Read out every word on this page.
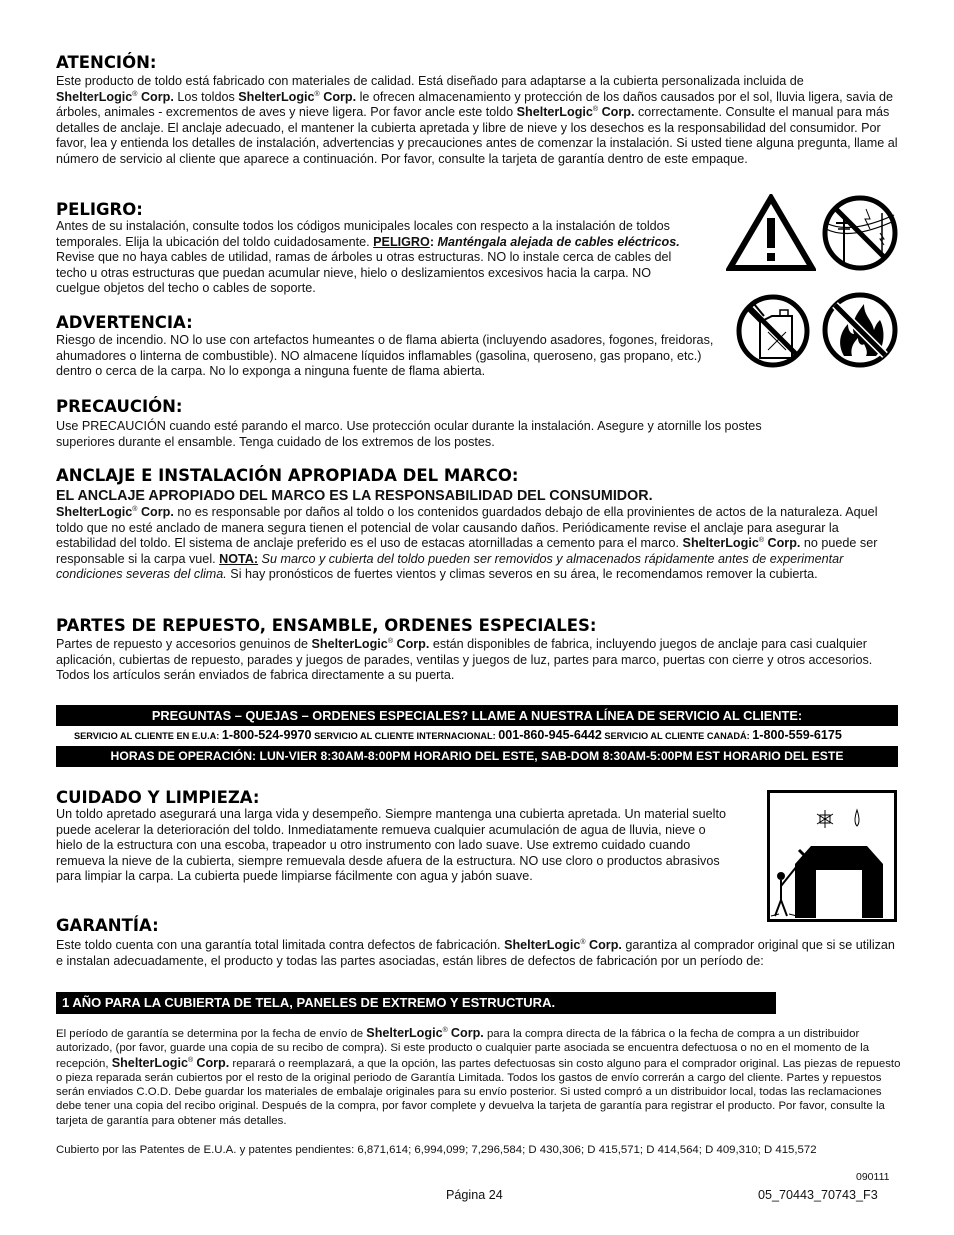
ATENCIÓN:

Este producto de toldo está fabricado con materiales de calidad. Está diseñado para adaptarse a la cubierta personalizada incluida de
ShelterLogic® Corp. Los toldos ShelterLogic® Corp. le ofrecen almacenamiento y protección de los daños causados por el sol, lluvia ligera, savia de árboles, animales - excrementos de aves y nieve ligera. Por favor ancle este toldo ShelterLogic® Corp. correctamente. Consulte el manual para más detalles de anclaje. El anclaje adecuado, el mantener la cubierta apretada y libre de nieve y los desechos es la responsabilidad del consumidor. Por favor, lea y entienda los detalles de instalación, advertencias y precauciones antes de comenzar la instalación. Si usted tiene alguna pregunta, llame al número de servicio al cliente que aparece a continuación. Por favor, consulte la tarjeta de garantía dentro de este empaque.

PELIGRO:

Antes de su instalación, consulte todos los códigos municipales locales con respecto a la instalación de toldos temporales. Elija la ubicación del toldo cuidadosamente. PELIGRO: Manténgala alejada de cables eléctricos. Revise que no haya cables de utilidad, ramas de árboles u otras estructuras. NO lo instale cerca de cables del techo u otras estructuras que puedan acumular nieve, hielo o deslizamientos excesivos hacia la carpa. NO cuelgue objetos del techo o cables de soporte.

ADVERTENCIA:

Riesgo de incendio. NO lo use con artefactos humeantes o de flama abierta (incluyendo asadores, fogones, freidoras, ahumadores o linterna de combustible). NO almacene líquidos inflamables (gasolina, queroseno, gas propano, etc.) dentro o cerca de la carpa. No lo exponga a ninguna fuente de flama abierta.

PRECAUCIÓN:

Use PRECAUCIÓN cuando esté parando el marco. Use protección ocular durante la instalación. Asegure y atornille los postes superiores durante el ensamble. Tenga cuidado de los extremos de los postes.

ANCLAJE E INSTALACIÓN APROPIADA DEL MARCO:
EL ANCLAJE APROPIADO DEL MARCO ES LA RESPONSABILIDAD DEL CONSUMIDOR.

ShelterLogic® Corp. no es responsable por daños al toldo o los contenidos guardados debajo de ella provinientes de actos de la naturaleza. Aquel toldo que no esté anclado de manera segura tienen el potencial de volar causando daños. Periódicamente revise el anclaje para asegurar la estabilidad del toldo. El sistema de anclaje preferido es el uso de estacas atornilladas a cemento para el marco. ShelterLogic® Corp. no puede ser responsable si la carpa vuel. NOTA: Su marco y cubierta del toldo pueden ser removidos y almacenados rápidamente antes de experimentar condiciones severas del clima. Si hay pronósticos de fuertes vientos y climas severos en su área, le recomendamos remover la cubierta.

PARTES DE REPUESTO, ENSAMBLE, ORDENES ESPECIALES:

Partes de repuesto y accesorios genuinos de ShelterLogic® Corp. están disponibles de fabrica, incluyendo juegos de anclaje para casi cualquier aplicación, cubiertas de repuesto, parades y juegos de parades, ventilas y juegos de luz, partes para marco, puertas con cierre y otros accesorios. Todos los artículos serán enviados de fabrica directamente a su puerta.

PREGUNTAS – QUEJAS – ORDENES ESPECIALES? LLAME A NUESTRA LÍNEA DE SERVICIO AL CLIENTE:
SERVICIO AL CLIENTE EN E.U.A: 1-800-524-9970 SERVICIO AL CLIENTE INTERNACIONAL: 001-860-945-6442 SERVICIO AL CLIENTE CANADÁ: 1-800-559-6175
HORAS DE OPERACIÓN: LUN-VIER 8:30AM-8:00PM HORARIO DEL ESTE, SAB-DOM 8:30AM-5:00PM EST HORARIO DEL ESTE
CUIDADO Y LIMPIEZA:

Un toldo apretado asegurará una larga vida y desempeño. Siempre mantenga una cubierta apretada. Un material suelto puede acelerar la deterioración del toldo. Inmediatamente remueva cualquier acumulación de agua de lluvia, nieve o hielo de la estructura con una escoba, trapeador u otro instrumento con lado suave. Use extremo cuidado cuando remueva la nieve de la cubierta, siempre remuevala desde afuera de la estructura. NO use cloro o productos abrasivos para limpiar la carpa. La cubierta puede limpiarse fácilmente con agua y jabón suave.

GARANTÍA:

Este toldo cuenta con una garantía total limitada contra defectos de fabricación. ShelterLogic® Corp. garantiza al comprador original que si se utilizan e instalan adecuadamente, el producto y todas las partes asociadas, están libres de defectos de fabricación por un período de:

1 AÑO PARA LA CUBIERTA DE TELA, PANELES DE EXTREMO Y ESTRUCTURA.

El período de garantía se determina por la fecha de envío de ShelterLogic® Corp. para la compra directa de la fábrica o la fecha de compra a un distribuidor autorizado, (por favor, guarde una copia de su recibo de compra). Si este producto o cualquier parte asociada se encuentra defectuosa o no en el momento de la recepción, ShelterLogic® Corp. reparará o reemplazará, a que la opción, las partes defectuosas sin costo alguno para el comprador original. Las piezas de repuesto o pieza reparada serán cubiertos por el resto de la original periodo de Garantía Limitada. Todos los gastos de envío correrán a cargo del cliente. Partes y repuestos serán enviados C.O.D. Debe guardar los materiales de embalaje originales para su envío posterior. Si usted compró a un distribuidor local, todas las reclamaciones debe tener una copia del recibo original. Después de la compra, por favor complete y devuelva la tarjeta de garantía para registrar el producto. Por favor, consulte la tarjeta de garantía para obtener más detalles.

Cubierto por las Patentes de E.U.A. y patentes pendientes: 6,871,614; 6,994,099; 7,296,584; D 430,306; D 415,571; D 414,564; D 409,310; D 415,572
090111
Página 24	05_70443_70743_F3
